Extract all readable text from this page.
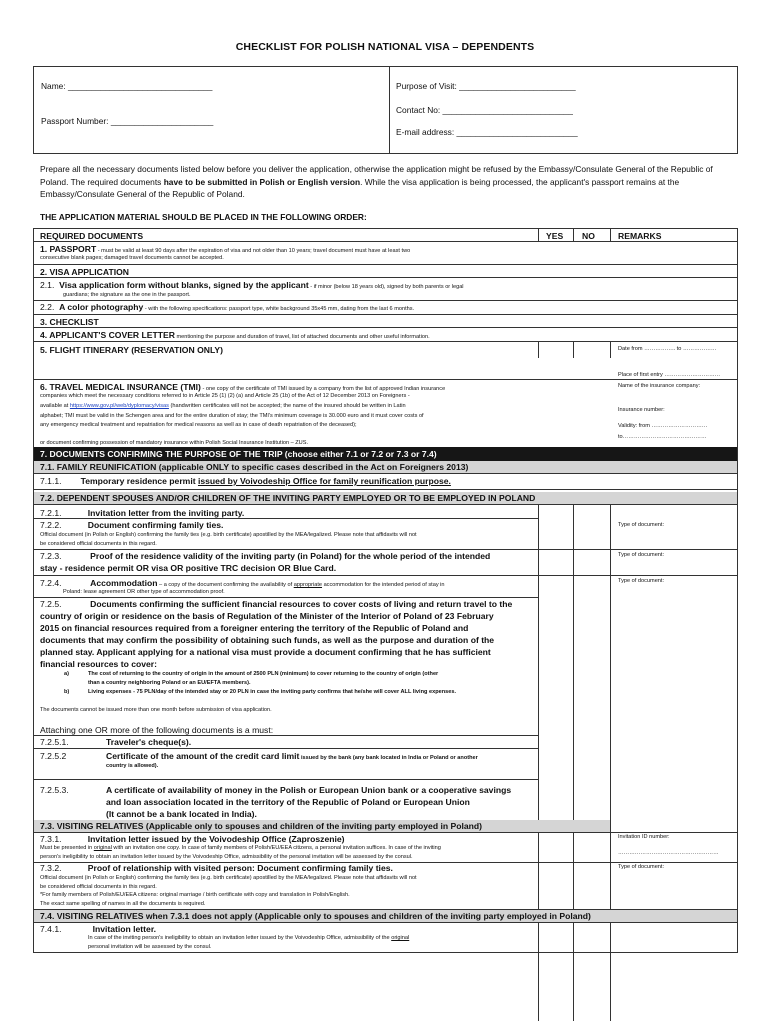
CHECKLIST FOR POLISH NATIONAL VISA – DEPENDENTS
Name: _______________________________
Passport Number: ______________________
Purpose of Visit: _________________________
Contact No: ____________________________
E-mail address: __________________________
Prepare all the necessary documents listed below before you deliver the application, otherwise the application might be refused by the Embassy/Consulate General of the Republic of Poland. The required documents have to be submitted in Polish or English version. While the visa application is being processed, the applicant's passport remains at the Embassy/Consulate General of the Republic of Poland.
THE APPLICATION MATERIAL SHOULD BE PLACED IN THE FOLLOWING ORDER:
REQUIRED DOCUMENTS	YES NO	REMARKS
1. PASSPORT - must be valid at least 90 days after the expiration of visa and not older than 10 years; travel document must have at least two
consecutive blank pages; damaged travel documents cannot be accepted.
2. VISA APPLICATION
2.1. Visa application form without blanks, signed by the applicant - if minor (below 18 years old), signed by both parents or legal
guardians; the signature as the one in the passport.
2.2. A color photography - with the following specifications: passport type, white background 35x45 mm, dating from the last 6 months.
3. CHECKLIST
4. APPLICANT'S COVER LETTER mentioning the purpose and duration of travel, list of attached documents and other useful information.
5. FLIGHT ITINERARY (RESERVATION ONLY)	Date from …………….. to ………………
Place of first entry …………………………
6. TRAVEL MEDICAL INSURANCE (TMI) - one copy of the certificate of TMI issued by a company from the list of approved Indian insurance
companies which meet the necessary conditions referred to in Article 25 (1) (2) (a) and Article 25 (1b) of the Act of 12 December 2013 on Foreigners -
available at https://www.gov.pl/web/dyplomacy/visas (handwritten certificates will not be accepted; the name of the insured should be written in Latin
alphabet; TMI must be valid in the Schengen area and for the entire duration of stay; the TMI's minimum coverage is 30.000 euro and it must cover costs of
any emergency medical treatment and repatriation for medical reasons as well as in case of death repatriation of the deceased);
or document confirming possession of mandatory insurance within Polish Social Insurance Institution – ZUS.
Name of the insurance company:
Insurance number:
Validity: from …………………………
to………………………………………
7. DOCUMENTS CONFIRMING THE PURPOSE OF THE TRIP (choose either 7.1 or 7.2 or 7.3 or 7.4)
7.1. FAMILY REUNIFICATION (applicable ONLY to specific cases described in the Act on Foreigners 2013)
7.1.1. Temporary residence permit issued by Voivodeship Office for family reunification purpose.
7.2. DEPENDENT SPOUSES AND/OR CHILDREN OF THE INVITING PARTY EMPLOYED OR TO BE EMPLOYED IN POLAND
7.2.1.	Invitation letter from the inviting party.
7.2.2.	Document confirming family ties.
Official document (in Polish or English) confirming the family ties (e.g. birth certificate) apostilled by the MEA/legalized. Please note that affidavits will not
be considered official documents in this regard.
Type of document:
7.2.3.	Proof of the residence validity of the inviting party (in Poland) for the whole period of the intended
stay - residence permit OR visa OR positive TRC decision OR Blue Card.
Type of document:
7.2.4.	Accommodation – a copy of the document confirming the availability of appropriate accommodation for the intended period of stay in
Poland: lease agreement OR other type of accommodation proof.
Type of document:
7.2.5.	Documents confirming the sufficient financial resources to cover costs of living and return travel to the
country of origin or residence on the basis of Regulation of the Minister of the Interior of Poland of 23 February
2015 on financial resources required from a foreigner entering the territory of the Republic of Poland and
documents that may confirm the possibility of obtaining such funds, as well as the purpose and duration of the
planned stay. Applicant applying for a national visa must provide a document confirming that he has sufficient
financial resources to cover:
a)	The cost of returning to the country of origin in the amount of 2500 PLN (minimum) to cover returning to the country of origin (other
than a country neighboring Poland or an EU/EFTA members).
b)	Living expenses - 75 PLN/day of the intended stay or 20 PLN in case the inviting party confirms that he/she will cover ALL living expenses.
The documents cannot be issued more than one month before submission of visa application.
Attaching one OR more of the following documents is a must:
7.2.5.1.	Traveler's cheque(s).
7.2.5.2	Certificate of the amount of the credit card limit issued by the bank (any bank located in India or Poland or another
country is allowed).
7.2.5.3.	A certificate of availability of money in the Polish or European Union bank or a cooperative savings
and loan association located in the territory of the Republic of Poland or European Union
(It cannot be a bank located in India).
7.3. VISITING RELATIVES (Applicable only to spouses and children of the inviting party employed in Poland)
7.3.1.	Invitation letter issued by the Voivodeship Office (Zaproszenie)
Must be presented in original with an invitation one copy. In case of family members of Polish/EU/EEA citizens, a personal invitation suffices. In case of the inviting
person's ineligibility to obtain an invitation letter issued by the Voivodeship Office, admissibility of the personal invitation will be assessed by the consul.
Invitation ID number:
………………………………………………
7.3.2.	Proof of relationship with visited person: Document confirming family ties.
Official document (in Polish or English) confirming the family ties (e.g. birth certificate) apostilled by the MEA/legalized. Please note that affidavits will not
be considered official documents in this regard.
*For family members of Polish/EU/EEA citizens: original marriage / birth certificate with copy and translation in Polish/English.
The exact same spelling of names in all the documents is required.
Type of document:
7.4. VISITING RELATIVES when 7.3.1 does not apply (Applicable only to spouses and children of the inviting party employed in Poland)
7.4.1.	Invitation letter.
In case of the inviting person's ineligibility to obtain an invitation letter issued by the Voivodeship Office, admissibility of the original
personal invitation will be assessed by the consul.
